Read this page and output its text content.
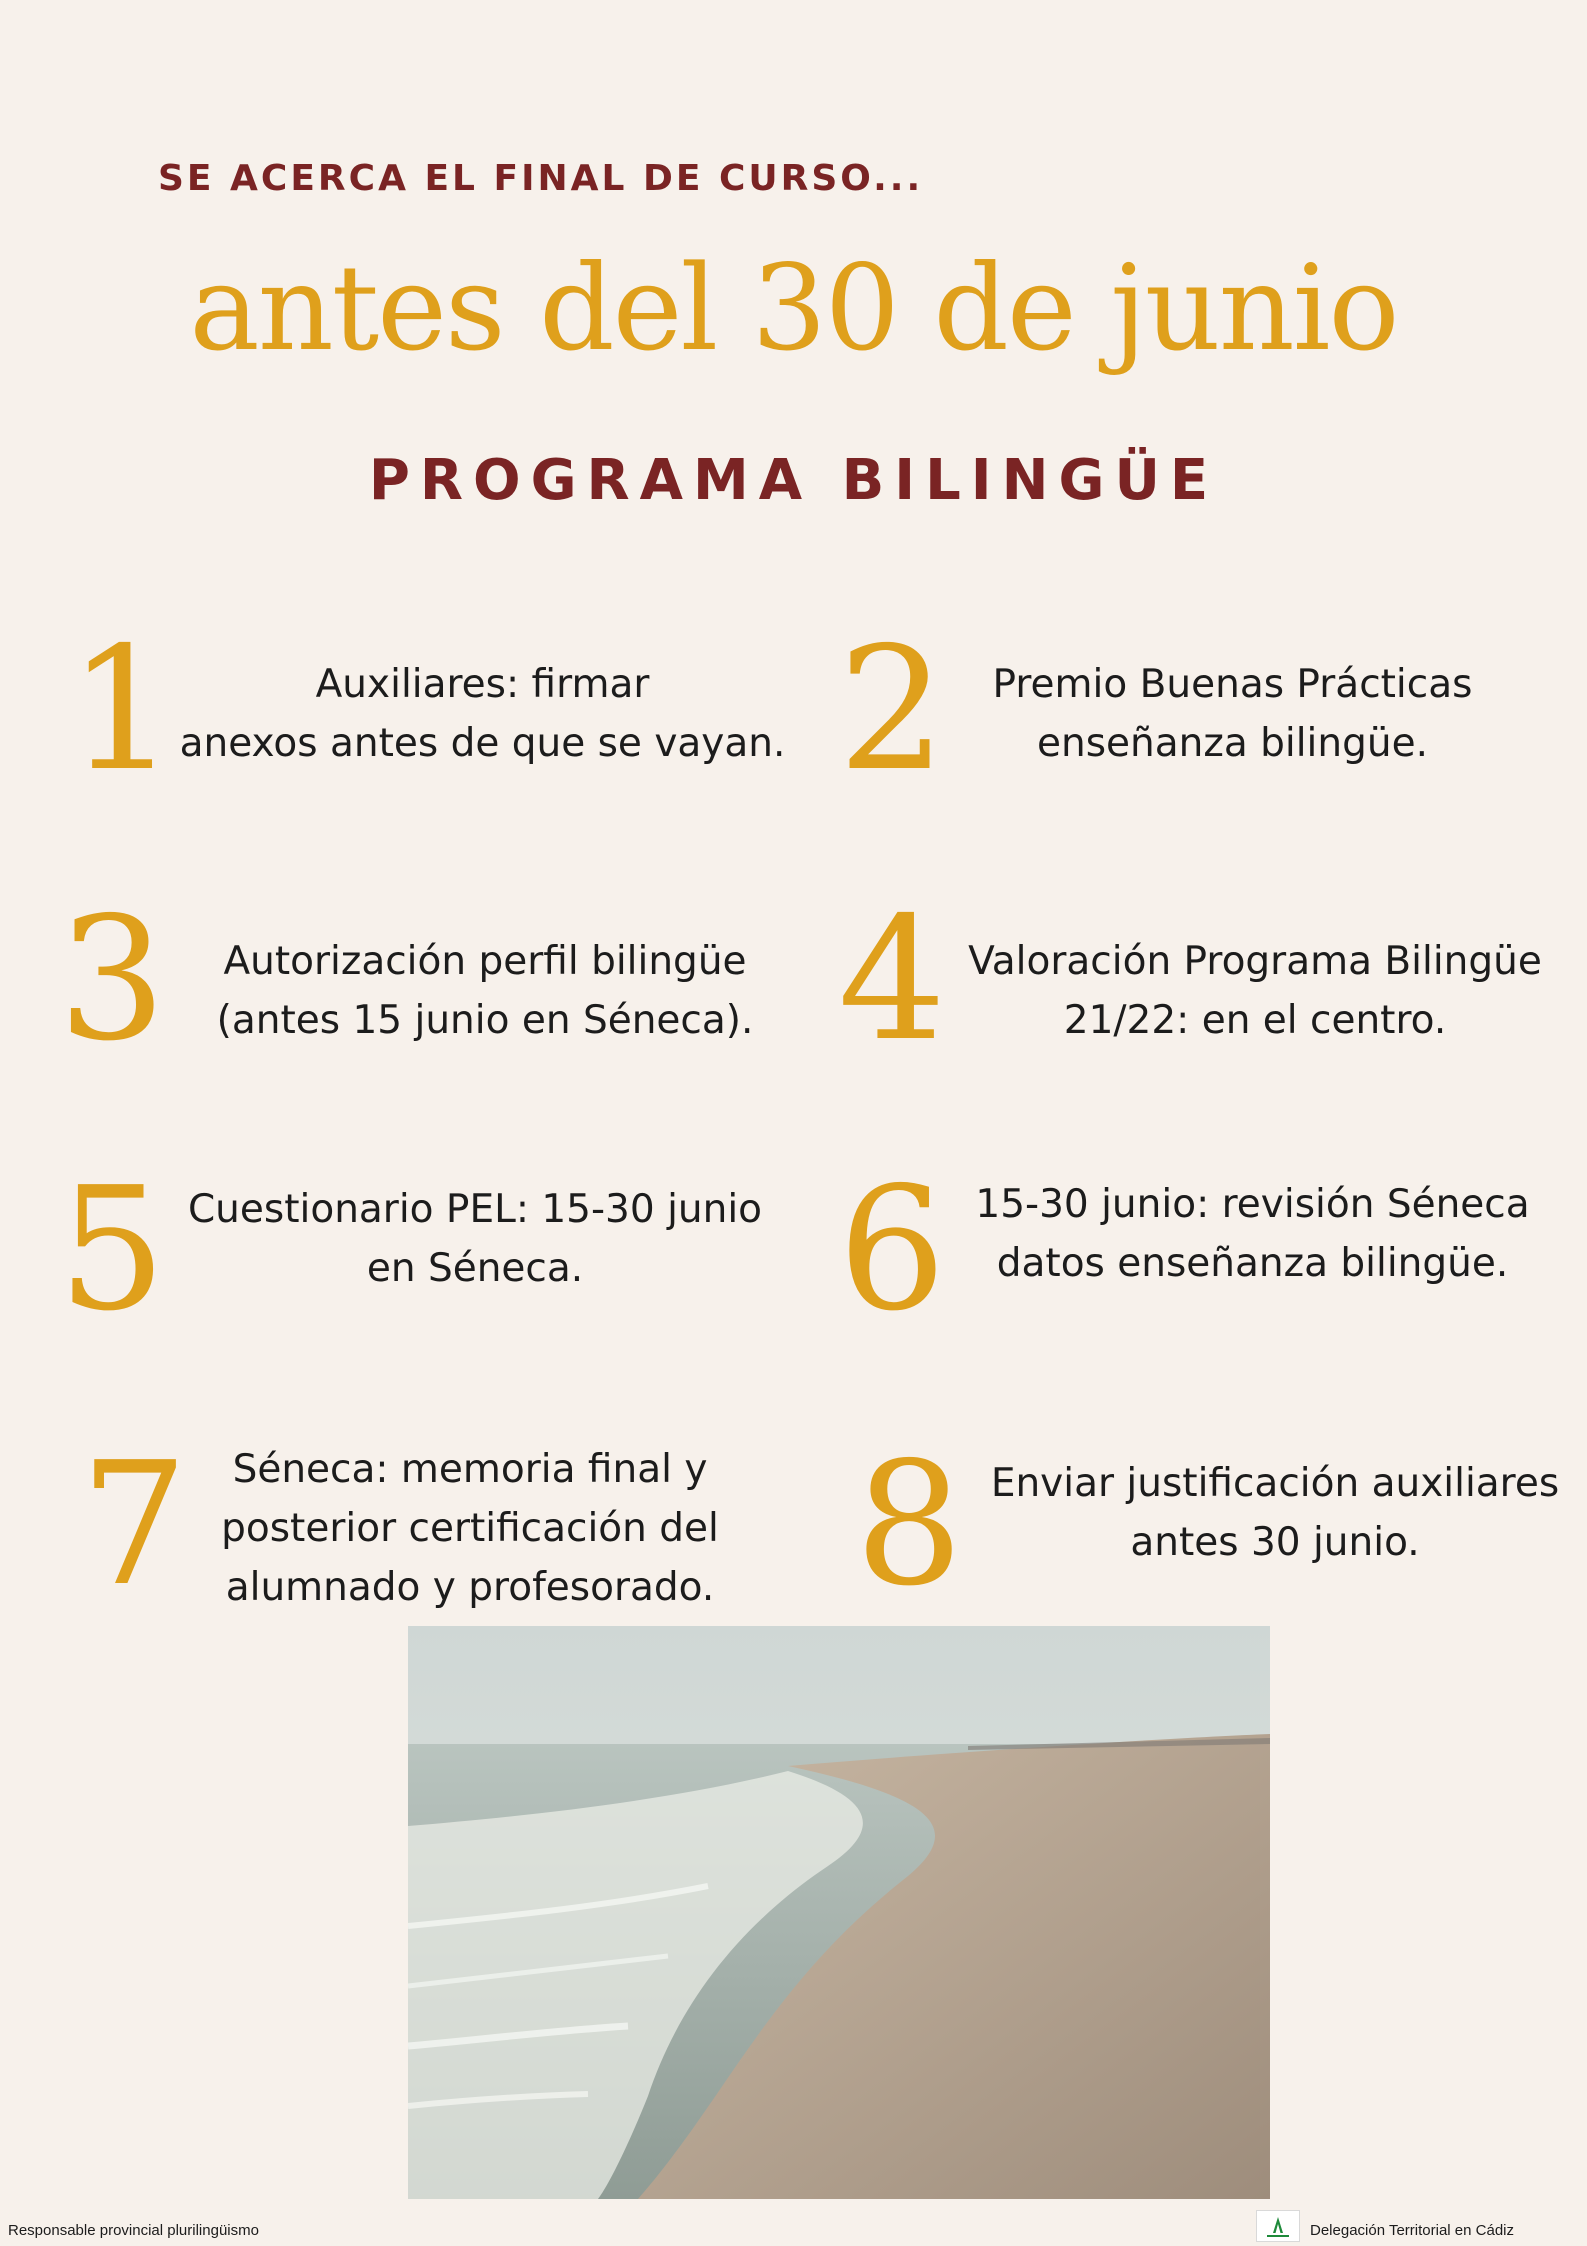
SE ACERCA EL FINAL DE CURSO...
antes del 30 de junio
PROGRAMA BILINGÜE
1	Auxiliares: firmar
anexos antes de que se vayan. 2	Premio Buenas Prácticas
enseñanza bilingüe.
3	Autorización perfil bilingüe
(antes 15 junio en Séneca). 4 Valoración Programa Bilingüe
21/22: en el centro.
5 Cuestionario PEL: 15-30 junio
en Séneca.	6 15-30 junio: revisión Séneca
datos enseñanza bilingüe.
7	Séneca: memoria final y
posterior certificación del
alumnado y profesorado. 8 Enviar justificación auxiliares
antes 30 junio.
Responsable provincial plurilingüismo	Delegación Territorial en Cádiz
